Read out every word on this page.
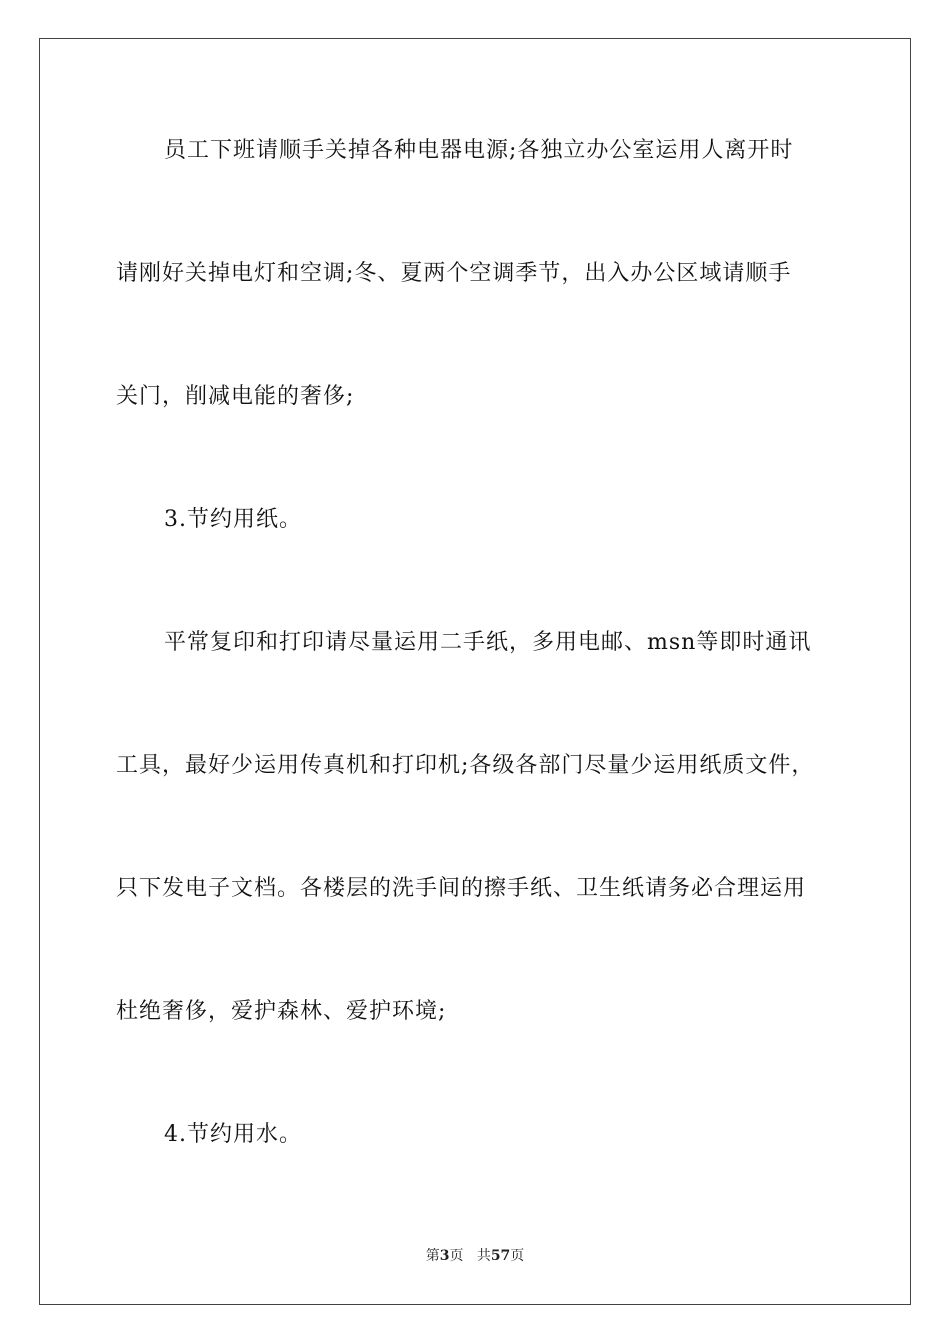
员工下班请顺手关掉各种电器电源;各独立办公室运用人离开时
请刚好关掉电灯和空调;冬、夏两个空调季节，出入办公区域请顺手
关门，削减电能的奢侈;
3.节约用纸。
平常复印和打印请尽量运用二手纸，多用电邮、msn等即时通讯
工具，最好少运用传真机和打印机;各级各部门尽量少运用纸质文件，
只下发电子文档。各楼层的洗手间的擦手纸、卫生纸请务必合理运用
杜绝奢侈，爱护森林、爱护环境;
4.节约用水。
第3页 共57页
